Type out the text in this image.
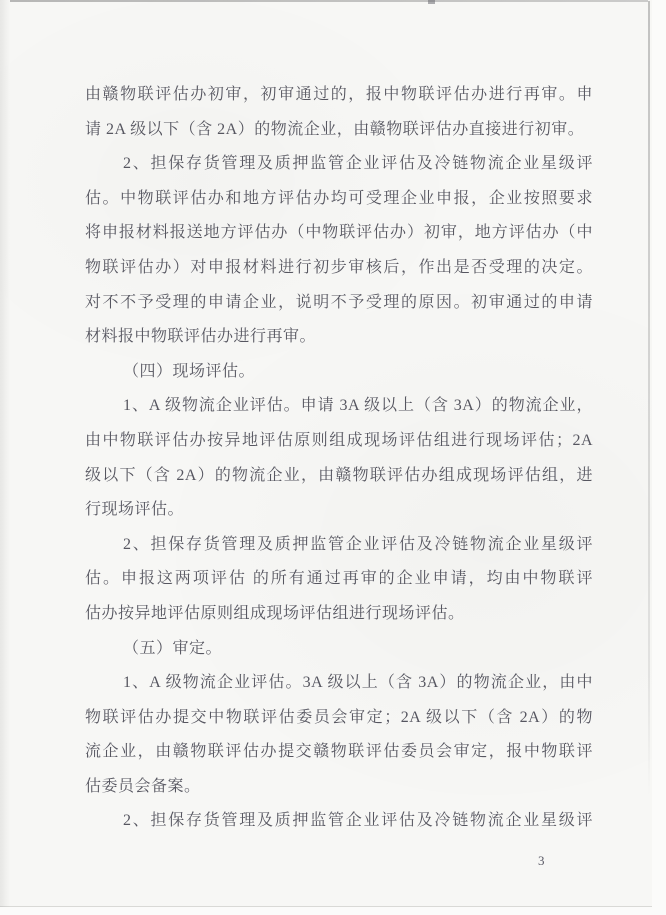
由赣物联评估办初审，初审通过的，报中物联评估办进行再审。申
请 2A 级以下（含 2A）的物流企业，由赣物联评估办直接进行初审。
2、担保存货管理及质押监管企业评估及冷链物流企业星级评
估。中物联评估办和地方评估办均可受理企业申报，企业按照要求
将申报材料报送地方评估办（中物联评估办）初审，地方评估办（中
物联评估办）对申报材料进行初步审核后，作出是否受理的决定。
对不不予受理的申请企业，说明不予受理的原因。初审通过的申请
材料报中物联评估办进行再审。
（四）现场评估。
1、A 级物流企业评估。申请 3A 级以上（含 3A）的物流企业，
由中物联评估办按异地评估原则组成现场评估组进行现场评估；2A
级以下（含 2A）的物流企业，由赣物联评估办组成现场评估组，进
行现场评估。
2、担保存货管理及质押监管企业评估及冷链物流企业星级评
估。申报这两项评估 的所有通过再审的企业申请，均由中物联评
估办按异地评估原则组成现场评估组进行现场评估。
（五）审定。
1、A 级物流企业评估。3A 级以上（含 3A）的物流企业，由中
物联评估办提交中物联评估委员会审定；2A 级以下（含 2A）的物
流企业，由赣物联评估办提交赣物联评估委员会审定，报中物联评
估委员会备案。
2、担保存货管理及质押监管企业评估及冷链物流企业星级评
3
